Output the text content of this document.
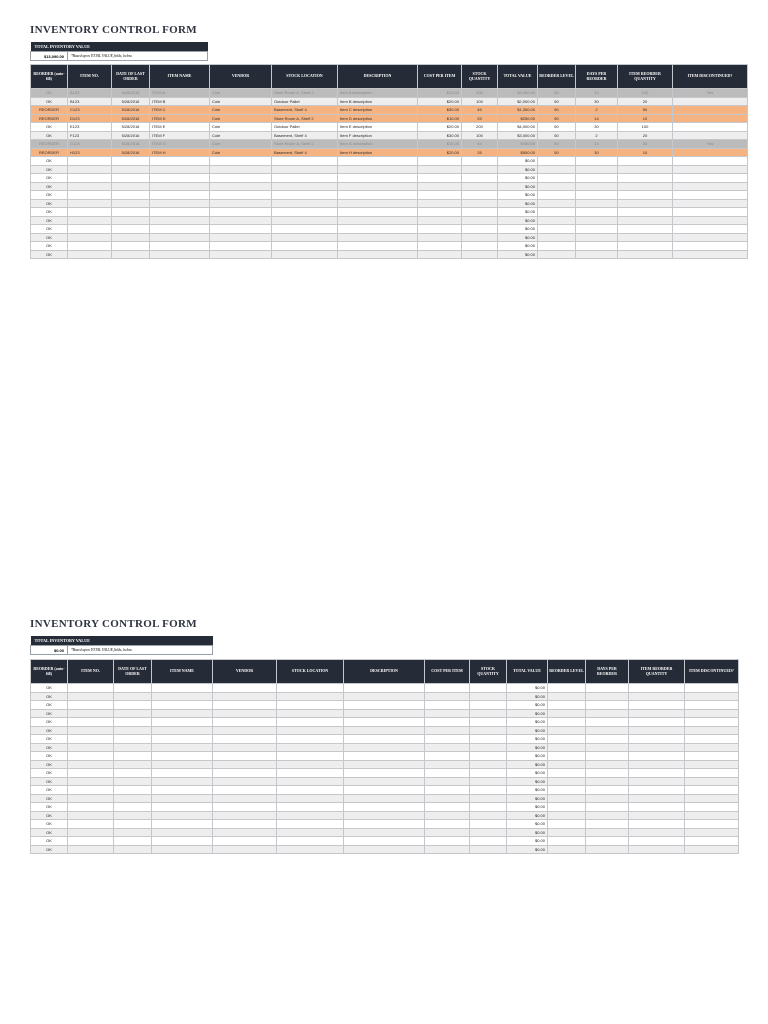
INVENTORY CONTROL FORM
TOTAL INVENTORY VALUE
$13,090.00	*Based upon TOTAL VALUE fields, below.
REORDER (auto-fill)	ITEM NO.	DATE OF LAST ORDER	ITEM NAME	VENDOR	STOCK LOCATION	DESCRIPTION	COST PER ITEM	STOCK QUANTITY	TOTAL VALUE	REORDER LEVEL	DAYS PER REORDER	ITEM REORDER QUANTITY	ITEM DISCONTINUED?
OK	A123	5/28/2016	ITEM A	Cole	Store Room A, Shelf 2	Item A description	$10.00	300	$3,000.00	50	14	100	Yes
OK	B123	5/28/2016	ITEM B	Cole	Outdoor Pallet	Item B description	$20.00	100	$2,000.00	50	30	20	
REORDER	C123	5/28/2016	ITEM C	Cole	Basement, Shelf 4	Item C description	$30.00	45	$1,350.00	50	2	50	
REORDER	D123	5/28/2016	ITEM D	Cole	Store Room A, Shelf 2	Item D description	$10.00	25	$250.00	50	14	10	
OK	E123	5/28/2016	ITEM E	Cole	Outdoor Pallet	Item E description	$20.00	200	$4,000.00	50	30	100	
OK	F123	5/28/2016	ITEM F	Cole	Basement, Shelf 4	Item F description	$30.00	100	$3,000.00	50	2	20	
REORDER	G123	5/28/2016	ITEM G	Cole	Store Room A, Shelf 2	Item G description	$10.00	45	$450.00	50	14	50	Yes
REORDER	H123	5/28/2016	ITEM H	Cole	Basement, Shelf 4	Item H description	$20.00	25	$500.00	50	30	10	
OK									$0.00				
OK									$0.00				
OK									$0.00				
OK									$0.00				
OK									$0.00				
OK									$0.00				
OK									$0.00				
OK									$0.00				
OK									$0.00				
OK									$0.00				
OK									$0.00				
OK									$0.00				
INVENTORY CONTROL FORM
TOTAL INVENTORY VALUE
$0.00	*Based upon TOTAL VALUE fields, below.
REORDER (auto-fill)	ITEM NO.	DATE OF LAST ORDER	ITEM NAME	VENDOR	STOCK LOCATION	DESCRIPTION	COST PER ITEM	STOCK QUANTITY	TOTAL VALUE	REORDER LEVEL	DAYS PER REORDER	ITEM REORDER QUANTITY	ITEM DISCONTINUED?
OK									$0.00				
OK									$0.00				
OK									$0.00				
OK									$0.00				
OK									$0.00				
OK									$0.00				
OK									$0.00				
OK									$0.00				
OK									$0.00				
OK									$0.00				
OK									$0.00				
OK									$0.00				
OK									$0.00				
OK									$0.00				
OK									$0.00				
OK									$0.00				
OK									$0.00				
OK									$0.00				
OK									$0.00				
OK									$0.00				
